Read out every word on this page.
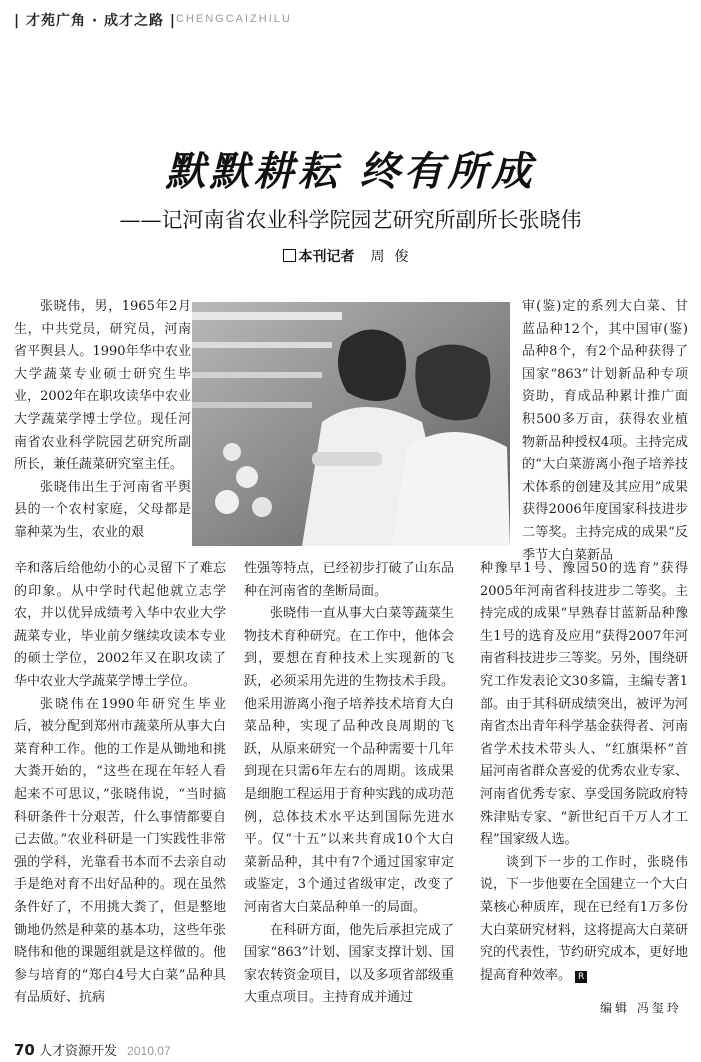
| 才苑广角 · 成才之路 | CHENGCAIZHILU
默默耕耘 终有所成
——记河南省农业科学院园艺研究所副所长张晓伟
本刊记者 周俊

张晓伟，男，1965年2月生，中共党员，研究员，河南省平舆县人。1990年华中农业大学蔬菜专业硕士研究生毕业，2002年在职攻读华中农业大学蔬菜学博士学位。现任河南省农业科学院园艺研究所副所长，兼任蔬菜研究室主任。

张晓伟出生于河南省平舆县的一个农村家庭，父母都是靠种菜为生，农业的艰

审(鉴)定的系列大白菜、甘蓝品种12个，其中国审(鉴)品种8个，有2个品种获得了国家“863”计划新品种专项资助，育成品种累计推广面积500多万亩，获得农业植物新品种授权4项。主持完成的“大白菜游离小孢子培养技术体系的创建及其应用”成果获得2006年度国家科技进步二等奖。主持完成的成果“反季节大白菜新品

辛和落后给他幼小的心灵留下了难忘的印象。从中学时代起他就立志学农，并以优异成绩考入华中农业大学蔬菜专业，毕业前夕继续攻读本专业的硕士学位，2002年又在职攻读了华中农业大学蔬菜学博士学位。

张晓伟在1990年研究生毕业后，被分配到郑州市蔬菜所从事大白菜育种工作。他的工作是从锄地和挑大粪开始的，“这些在现在年轻人看起来不可思议，”张晓伟说，“当时搞科研条件十分艰苦，什么事情都要自己去做。”农业科研是一门实践性非常强的学科，光靠看书本而不去亲自动手是绝对育不出好品种的。现在虽然条件好了，不用挑大粪了，但是整地锄地仍然是种菜的基本功，这些年张晓伟和他的课题组就是这样做的。他参与培育的“郑白4号大白菜”品种具有品质好、抗病

性强等特点，已经初步打破了山东品种在河南省的垄断局面。

张晓伟一直从事大白菜等蔬菜生物技术育种研究。在工作中，他体会到，要想在育种技术上实现新的飞跃，必须采用先进的生物技术手段。他采用游离小孢子培养技术培育大白菜品种，实现了品种改良周期的飞跃，从原来研究一个品种需要十几年到现在只需6年左右的周期。该成果是细胞工程运用于育种实践的成功范例，总体技术水平达到国际先进水平。仅“十五”以来共育成10个大白菜新品种，其中有7个通过国家审定或鉴定，3个通过省级审定，改变了河南省大白菜品种单一的局面。

在科研方面，他先后承担完成了国家“863”计划、国家支撑计划、国家农转资金项目，以及多项省部级重大重点项目。主持育成并通过

种豫早1号、豫园50的选育”获得2005年河南省科技进步二等奖。主持完成的成果“早熟春甘蓝新品种豫生1号的选育及应用”获得2007年河南省科技进步三等奖。另外，围绕研究工作发表论文30多篇，主编专著1部。由于其科研成绩突出，被评为河南省杰出青年科学基金获得者、河南省学术技术带头人、“红旗渠杯”首届河南省群众喜爱的优秀农业专家、河南省优秀专家、享受国务院政府特殊津贴专家、“新世纪百千万人才工程”国家级人选。

谈到下一步的工作时，张晓伟说，下一步他要在全国建立一个大白菜核心种质库，现在已经有1万多份大白菜研究材料，这将提高大白菜研究的代表性，节约研究成本，更好地提高育种效率。 R

编辑 冯玺玲
70 人才资源开发 2010.07
